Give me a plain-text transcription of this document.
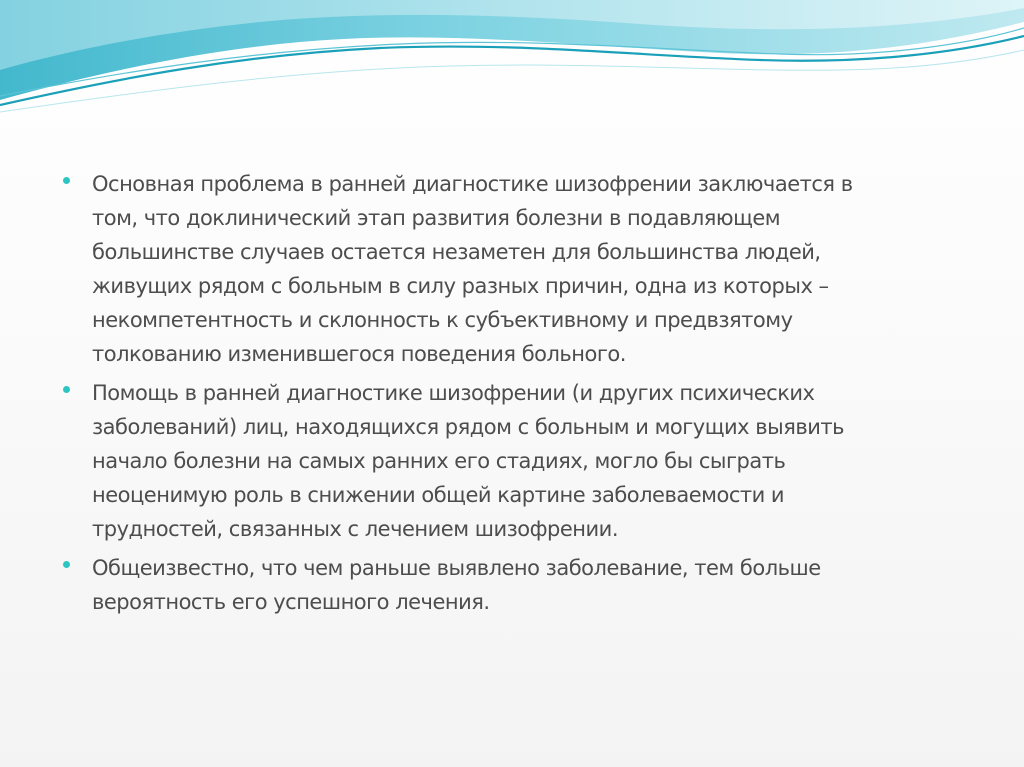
Основная проблема в ранней диагностике шизофрении заключается в
том, что доклинический этап развития болезни в подавляющем
большинстве случаев остается незаметен для большинства людей,
живущих рядом с больным в силу разных причин, одна из которых –
некомпетентность и склонность к субъективному и предвзятому
толкованию изменившегося поведения больного.

Помощь в ранней диагностике шизофрении (и других психических
заболеваний) лиц, находящихся рядом с больным и могущих выявить
начало болезни на самых ранних его стадиях, могло бы сыграть
неоценимую роль в снижении общей картине заболеваемости и
трудностей, связанных с лечением шизофрении.

Общеизвестно, что чем раньше выявлено заболевание, тем больше
вероятность его успешного лечения.
